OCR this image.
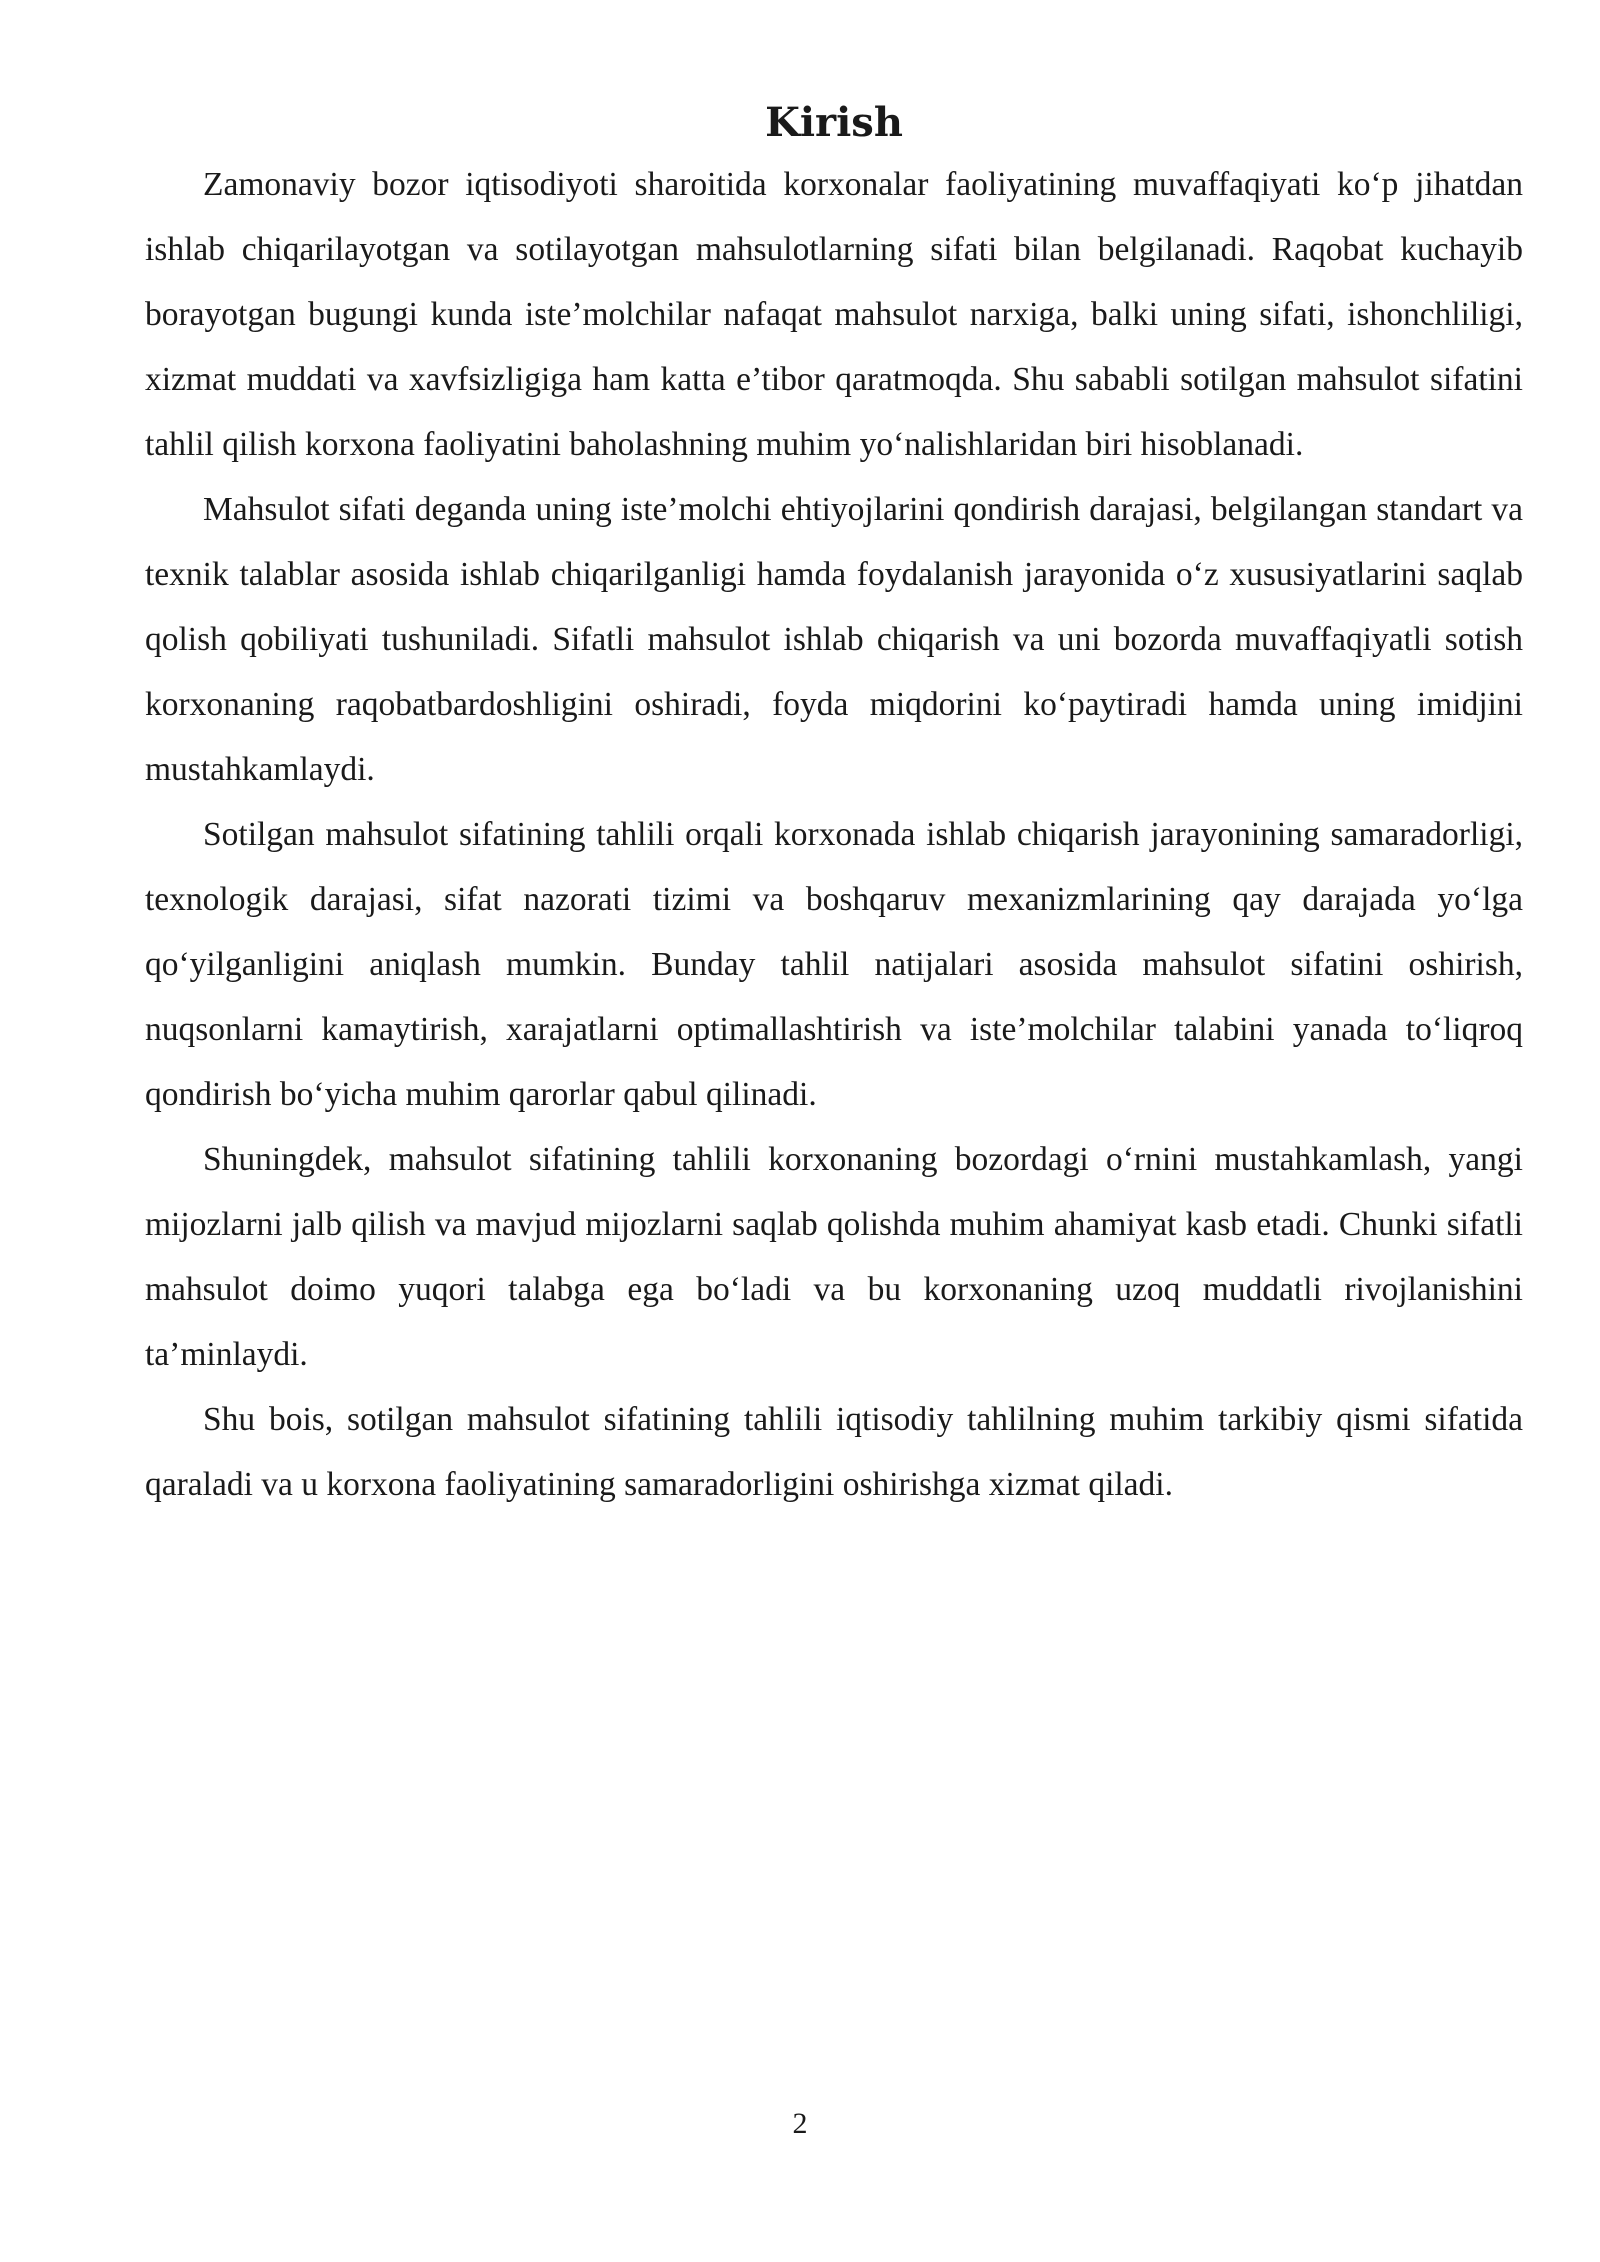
Kirish

Zamonaviy bozor iqtisodiyoti sharoitida korxonalar faoliyatining muvaffaqiyati ko‘p jihatdan ishlab chiqarilayotgan va sotilayotgan mahsulotlarning sifati bilan belgilanadi. Raqobat kuchayib borayotgan bugungi kunda iste’molchilar nafaqat mahsulot narxiga, balki uning sifati, ishonchliligi, xizmat muddati va xavfsizligiga ham katta e’tibor qaratmoqda. Shu sababli sotilgan mahsulot sifatini tahlil qilish korxona faoliyatini baholashning muhim yo‘nalishlaridan biri hisoblanadi.

Mahsulot sifati deganda uning iste’molchi ehtiyojlarini qondirish darajasi, belgilangan standart va texnik talablar asosida ishlab chiqarilganligi hamda foydalanish jarayonida o‘z xususiyatlarini saqlab qolish qobiliyati tushuniladi. Sifatli mahsulot ishlab chiqarish va uni bozorda muvaffaqiyatli sotish korxonaning raqobatbardoshligini oshiradi, foyda miqdorini ko‘paytiradi hamda uning imidjini mustahkamlaydi.

Sotilgan mahsulot sifatining tahlili orqali korxonada ishlab chiqarish jarayonining samaradorligi, texnologik darajasi, sifat nazorati tizimi va boshqaruv mexanizmlarining qay darajada yo‘lga qo‘yilganligini aniqlash mumkin. Bunday tahlil natijalari asosida mahsulot sifatini oshirish, nuqsonlarni kamaytirish, xarajatlarni optimallashtirish va iste’molchilar talabini yanada to‘liqroq qondirish bo‘yicha muhim qarorlar qabul qilinadi.

Shuningdek, mahsulot sifatining tahlili korxonaning bozordagi o‘rnini mustahkamlash, yangi mijozlarni jalb qilish va mavjud mijozlarni saqlab qolishda muhim ahamiyat kasb etadi. Chunki sifatli mahsulot doimo yuqori talabga ega bo‘ladi va bu korxonaning uzoq muddatli rivojlanishini ta’minlaydi.

Shu bois, sotilgan mahsulot sifatining tahlili iqtisodiy tahlilning muhim tarkibiy qismi sifatida qaraladi va u korxona faoliyatining samaradorligini oshirishga xizmat qiladi.

2
